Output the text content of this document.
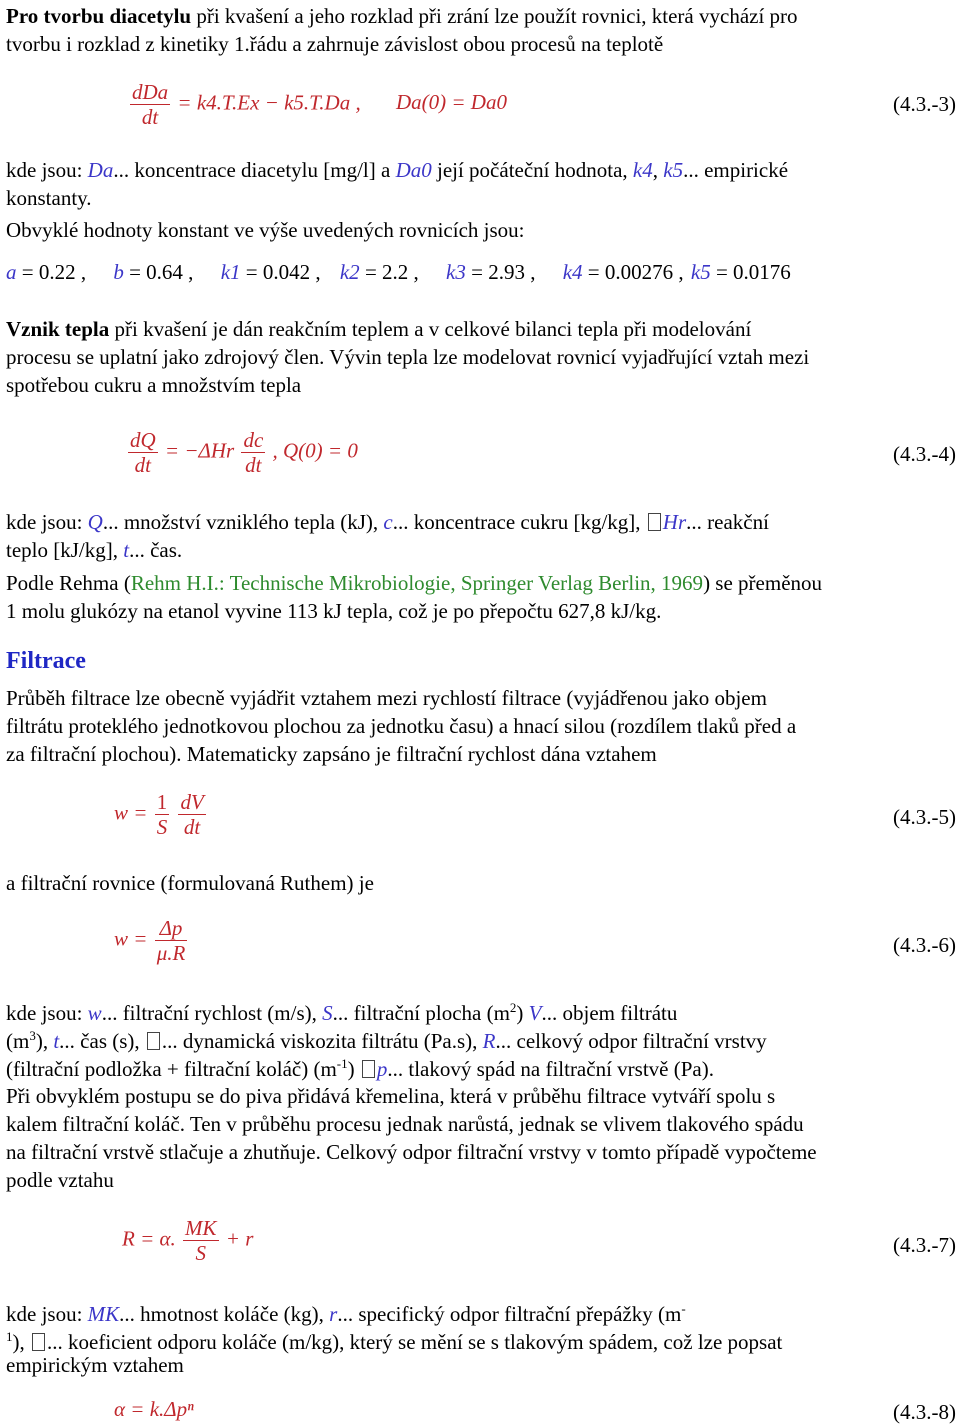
Pro tvorbu diacetylu při kvašení a jeho rozklad při zrání lze použít rovnici, která vychází pro
tvorbu i rozklad z kinetiky 1.řádu a zahrnuje závislost obou procesů na teplotě
$\frac{\text{dDa}}{dt} = k4.T.Ex - k5.T.Da$ , Da(0) = Da0	(4.3.-3)
kde jsou: Da... koncentrace diacetylu [mg/l] a Da0 její počáteční hodnota, k4, k5... empirické
konstanty.
Obvyklé hodnoty konstant ve výše uvedených rovnicích jsou:
a = 0.22 , b = 0.64 , k1 = 0.042 , k2 = 2.2 , k3 = 2.93 , k4 = 0.00276 , k5 = 0.0176
Vznik tepla při kvašení je dán reakčním teplem a v celkové bilanci tepla při modelování
procesu se uplatní jako zdrojový člen. Vývin tepla lze modelovat rovnicí vyjadřující vztah mezi
spotřebou cukru a množstvím tepla
$\frac{dQ}{dt} = -\Delta Hr \frac{dc}{dt}$ , Q(0) = 0	(4.3.-4)
kde jsou: Q... množství vzniklého tepla (kJ), c... koncentrace cukru [kg/kg], Hr... reakční
teplo [kJ/kg], t... čas.
Podle Rehma (Rehm H.I.: Technische Mikrobiologie, Springer Verlag Berlin, 1969) se přeměnou
1 molu glukózy na etanol vyvine 113 kJ tepla, což je po přepočtu 627,8 kJ/kg.
Filtrace
Průběh filtrace lze obecně vyjádřit vztahem mezi rychlostí filtrace (vyjádřenou jako objem
filtrátu proteklého jednotkovou plochou za jednotku času) a hnací silou (rozdílem tlaků před a
za filtrační plochou). Matematicky zapsáno je filtrační rychlost dána vztahem
$w = \frac{1}{S}$
$\frac{dV}{dt}$	(4.3.-5)
a filtrační rovnice (formulovaná Ruthem) je
$w = \frac{\Delta p}{\mu.R}$	(4.3.-6)
kde jsou: w... filtrační rychlost (m/s), S... filtrační plocha $(m^2)$ V... objem filtrátu
$(m^3)$, t... čas (s), ... dynamická viskozita filtrátu (Pa.s), R... celkový odpor filtrační vrstvy
(filtrační podložka + filtrační koláč) $(m^{-1})$ p... tlakový spád na filtrační vrstvě (Pa).
Při obvyklém postupu se do piva přidává křemelina, která v průběhu filtrace vytváří spolu s
kalem filtrační koláč. Ten v průběhu procesu jednak narůstá, jednak se vlivem tlakového spádu
na filtrační vrstvě stlačuje a zhutňuje. Celkový odpor filtrační vrstvy v tomto případě vypočteme
podle vztahu
R = α. $\frac{MK}{S} + r$	(4.3.-7)
kde jsou: MK... hmotnost koláče (kg), r... specifický odpor filtrační přepážky (m-
$^1$), ... koeficient odporu koláče (m/kg), který se mění se s tlakovým spádem, což lze popsat
empirickým vztahem
α = k.Δpⁿ	(4.3.-8)
